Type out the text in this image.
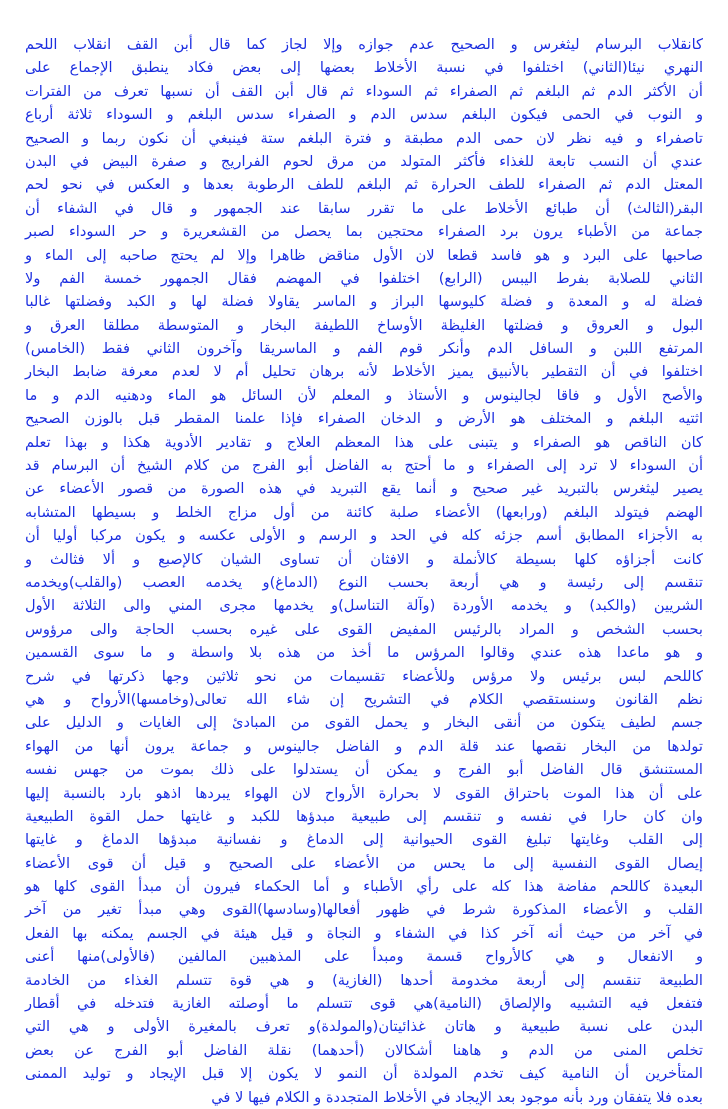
كانقلاب البرسام ليثغرس و الصحيح عدم جوازه وإلا لجاز كما قال أبن القف انقلاب اللحم
النهري نيئا(الثاني) اختلفوا في نسبة الأخلاط بعضها إلى بعض فكاد ينطبق الإجماع على
أن الأكثر الدم ثم البلغم ثم الصفراء ثم السوداء ثم قال أبن القف أن نسبها تعرف من الفترات
و النوب في الحمى فيكون البلغم سدس الدم و الصفراء سدس البلغم و السوداء ثلاثة أرباع
تاصفراء و فيه نظر لان حمى الدم مطبقة و فترة البلغم ستة فينبغي أن نكون ربما و الصحيح
عندي أن النسب تابعة للغذاء فأكثر المتولد من مرق لحوم الفراريج و صفرة البيض في البدن
المعتل الدم ثم الصفراء للطف الحرارة ثم البلغم للطف الرطوبة بعدها و العكس في نحو لحم
البقر(الثالث) أن طبائع الأخلاط على ما تقرر سابقا عند الجمهور و قال في الشفاء أن
جماعة من الأطباء يرون برد الصفراء محتجين بما يحصل من القشعريرة و حر السوداء لصبر
صاحبها على البرد و هو فاسد قطعا لان الأول مناقض ظاهرا وإلا لم يحتج صاحبه إلى الماء و
الثاني للصلابة بفرط اليبس (الرابع) اختلفوا في المهضم فقال الجمهور خمسة الفم ولا
فضلة له و المعدة و فضلة كليوسها البراز و الماسر يقاولا فضلة لها و الكبد وفضلتها غالبا
البول و العروق و فضلتها الغليظة الأوساخ اللطيفة البخار و المتوسطة مطلقا العرق و
المرتفع اللبن و السافل الدم وأنكر قوم الفم و الماسريقا وآخرون الثاني فقط (الخامس)
اختلفوا في أن التقطير بالأنبيق يميز الأخلاط لأنه برهان تحليل أم لا لعدم معرفة ضابط البخار
والأصح الأول و فاقا لجالينوس و الأستاذ و المعلم لأن السائل هو الماء ودهنيه الدم و ما
اثتيه البلغم و المختلف هو الأرض و الدخان الصفراء فإذا علمنا المقطر قبل بالوزن الصحيح
كان الناقص هو الصفراء و يتبنى على هذا المعظم العلاج و تقادير الأدوية هكذا و بهذا تعلم
أن السوداء لا ترد إلى الصفراء و ما أحتج به الفاضل أبو الفرج من كلام الشيخ أن البرسام قد
يصير ليثغرس بالتبريد غير صحيح و أنما يقع التبريد في هذه الصورة من قصور الأعضاء عن
الهضم فيتولد البلغم (ورابعها) الأعضاء صلبة كائنة من أول مزاج الخلط و بسيطها المتشابه
به الأجزاء المطابق أسم جزئه كله في الحد و الرسم و الأولى عكسه و يكون مركبا أوليا أن
كانت أجزاؤه كلها بسيطة كالأنملة و الافثان أن تساوى الشيان كالإصبع و ألا فثالث و
تنقسم إلى رئيسة و هي أربعة بحسب النوع (الدماغ)و يخدمه العصب (والقلب)ويخدمه
الشريين (والكبد) و يخدمه الأوردة (وآلة التناسل)و يخدمها مجرى المني والى الثلاثة الأول
بحسب الشخص و المراد بالرئيس المفيض القوى على غيره بحسب الحاجة والى مرؤوس
و هو ماعدا هذه عندي وقالوا المرؤس ما أخذ من هذه بلا واسطة و ما سوى القسمين
كاللحم لبس برئيس ولا مرؤس وللأعضاء تقسيمات من نحو ثلاثين وجها ذكرتها في شرح
نظم القانون وسنستقصي الكلام في التشريح إن شاء الله تعالى(وخامسها)الأرواح و هي
جسم لطيف يتكون من أنقى البخار و يحمل القوى من المبادئ إلى الغايات و الدليل على
تولدها من البخار نقصها عند قلة الدم و الفاضل جالينوس و جماعة يرون أنها من الهواء
المستنشق قال الفاضل أبو الفرج و يمكن أن يستدلوا على ذلك بموت من جهس نفسه
على أن هذا الموت باحتراق القوى لا بحرارة الأرواح لان الهواء يبردها اذهو بارد بالنسبة إليها
وان كان حارا في نفسه و تنقسم إلى طبيعية مبدؤها للكبد و غايتها حمل القوة الطبيعية
إلى القلب وغايتها تبليغ القوى الحيوانية إلى الدماغ و نفسانية مبدؤها الدماغ و غايتها
إيصال القوى النفسية إلى ما يحس من الأعضاء على الصحيح و قيل أن قوى الأعضاء
البعيدة كاللحم مفاضة هذا كله على رأي الأطباء و أما الحكماء فيرون أن مبدأ القوى كلها هو
القلب و الأعضاء المذكورة شرط في ظهور أفعالها(وسادسها)القوى وهي مبدأ تغير من آخر
في آخر من حيث أنه آخر كذا في الشفاء و النجاة و قيل هيئة في الجسم يمكنه بها الفعل
و الانفعال و هي كالأرواح قسمة ومبدأ على المذهبين المالفين (فالأولى)منها أعنى
الطبيعة تنقسم إلى أربعة مخدومة أحدها (الغازية) و هي قوة تتسلم الغذاء من الخادمة
فتفعل فيه التشبيه والإلصاق (النامية)هي قوى تتسلم ما أوصلته الغازية فتدخله في أقطار
البدن على نسبة طبيعية و هاتان غذائيتان(والمولدة)و تعرف بالمغيرة الأولى و هي التي
تخلص المنى من الدم و هاهنا أشكالان (أحدهما) نقلة الفاضل أبو الفرج عن بعض
المتأخرين أن النامية كيف تخدم المولدة أن النمو لا يكون إلا قبل الإيجاد و توليد الممنى
بعده فلا يتفقان ورد بأنه موجود بعد الإيجاد في الأخلاط المتجددة و الكلام فيها لا في
